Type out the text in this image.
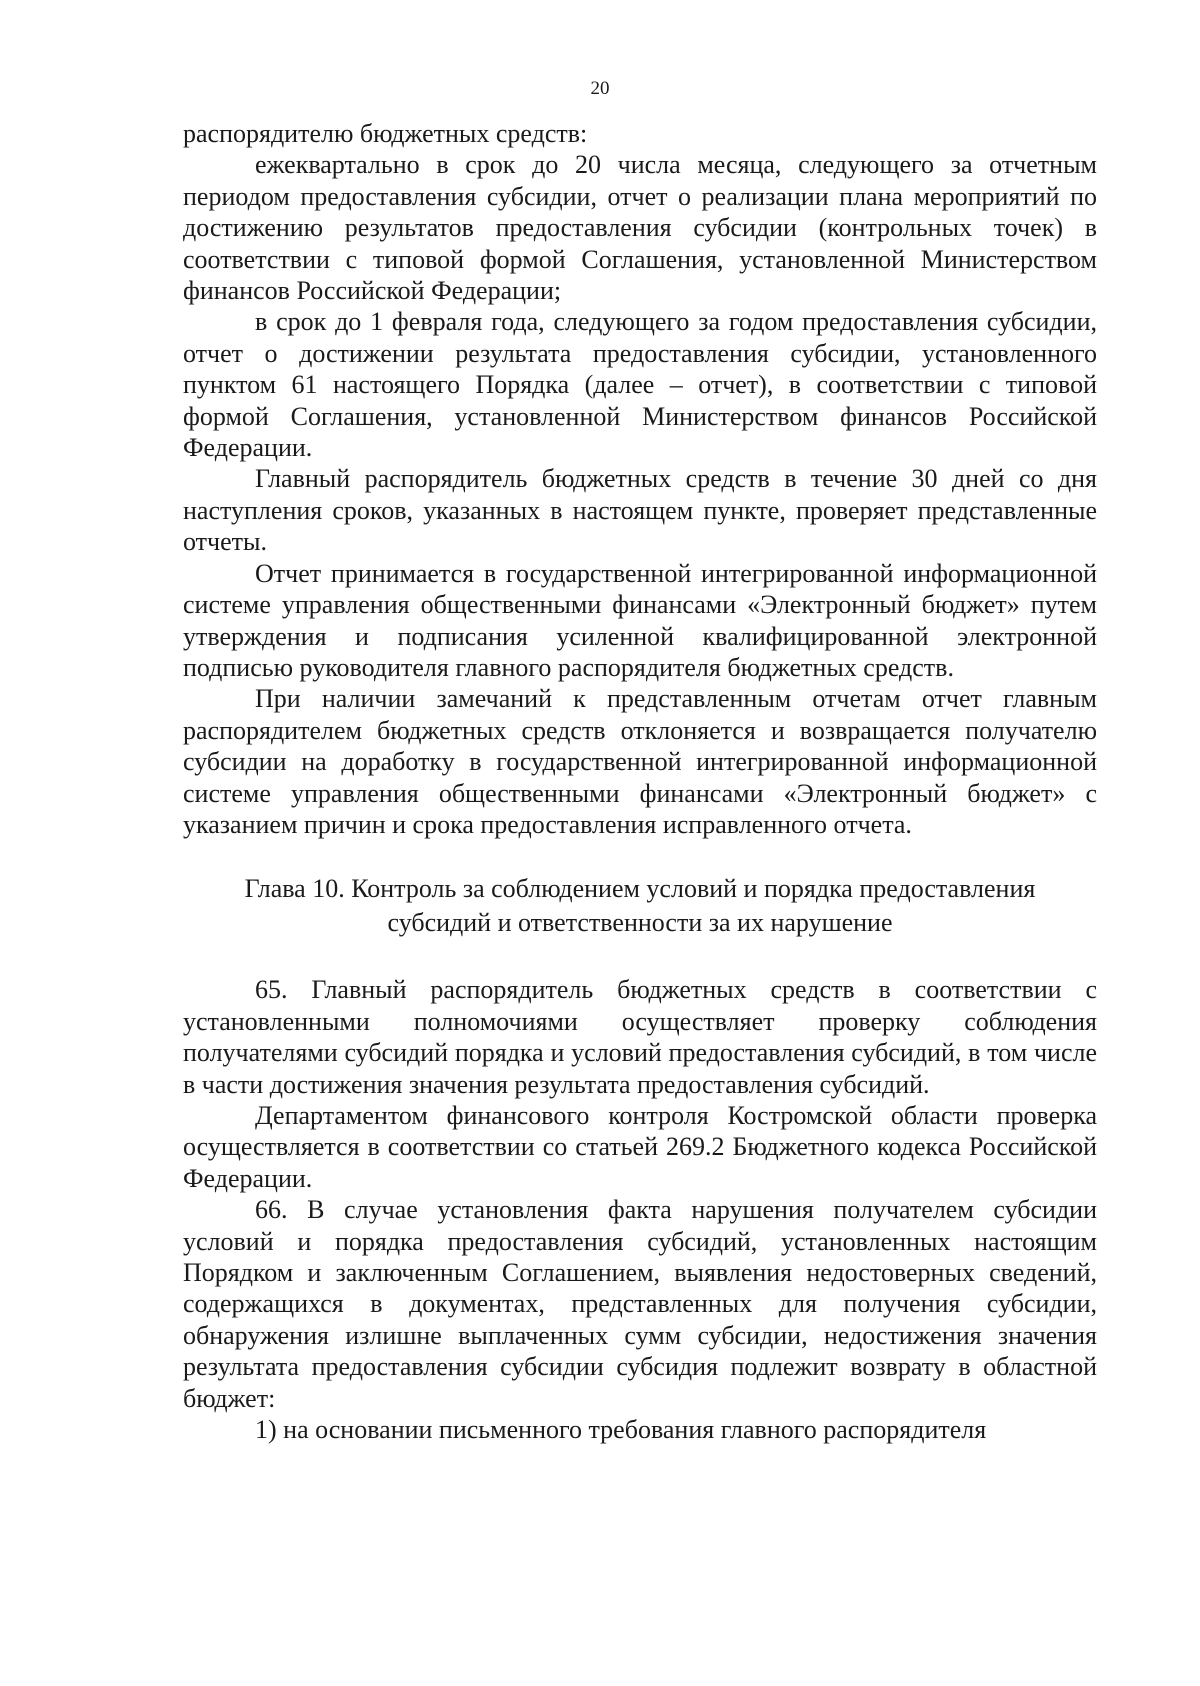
20

распорядителю бюджетных средств:

ежеквартально в срок до 20 числа месяца, следующего за отчетным периодом предоставления субсидии, отчет о реализации плана мероприятий по достижению результатов предоставления субсидии (контрольных точек) в соответствии с типовой формой Соглашения, установленной Министерством финансов Российской Федерации;

в срок до 1 февраля года, следующего за годом предоставления субсидии, отчет о достижении результата предоставления субсидии, установленного пунктом 61 настоящего Порядка (далее – отчет), в соответствии с типовой формой Соглашения, установленной Министерством финансов Российской Федерации.

Главный распорядитель бюджетных средств в течение 30 дней со дня наступления сроков, указанных в настоящем пункте, проверяет представленные отчеты.

Отчет принимается в государственной интегрированной информационной системе управления общественными финансами «Электронный бюджет» путем утверждения и подписания усиленной квалифицированной электронной подписью руководителя главного распорядителя бюджетных средств.

При наличии замечаний к представленным отчетам отчет главным распорядителем бюджетных средств отклоняется и возвращается получателю субсидии на доработку в государственной интегрированной информационной системе управления общественными финансами «Электронный бюджет» с указанием причин и срока предоставления исправленного отчета.

Глава 10. Контроль за соблюдением условий и порядка предоставления субсидий и ответственности за их нарушение

65. Главный распорядитель бюджетных средств в соответствии с установленными полномочиями осуществляет проверку соблюдения получателями субсидий порядка и условий предоставления субсидий, в том числе в части достижения значения результата предоставления субсидий.

Департаментом финансового контроля Костромской области проверка осуществляется в соответствии со статьей 269.2 Бюджетного кодекса Российской Федерации.

66. В случае установления факта нарушения получателем субсидии условий и порядка предоставления субсидий, установленных настоящим Порядком и заключенным Соглашением, выявления недостоверных сведений, содержащихся в документах, представленных для получения субсидии, обнаружения излишне выплаченных сумм субсидии, недостижения значения результата предоставления субсидии субсидия подлежит возврату в областной бюджет:

1) на основании письменного требования главного распорядителя
